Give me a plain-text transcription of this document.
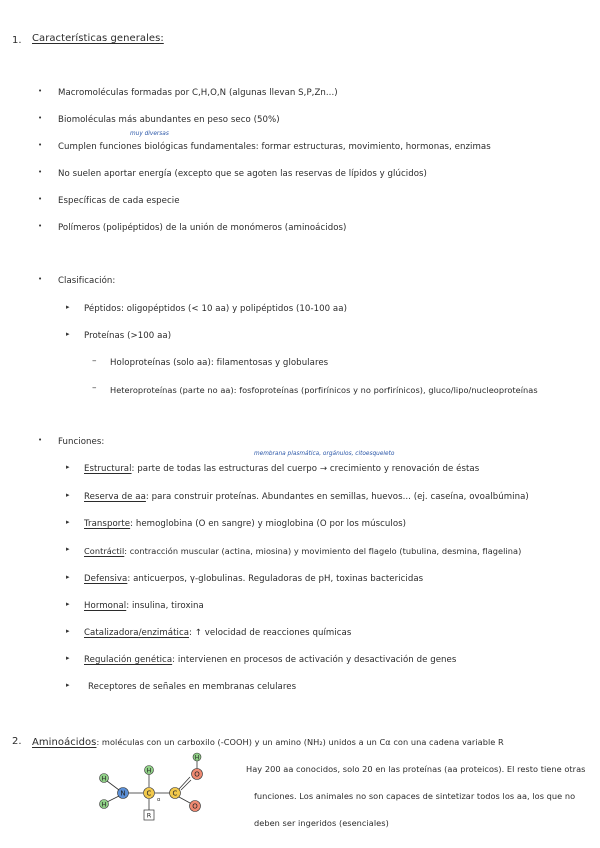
1. Características generales:
• Macromoléculas formadas por C,H,O,N (algunas llevan S,P,Zn...)
• Biomoléculas más abundantes en peso seco (50%)
muy diversas
• Cumplen funciones biológicas fundamentales: formar estructuras, movimiento, hormonas, enzimas
• No suelen aportar energía (excepto que se agoten las reservas de lípidos y glúcidos)
• Específicas de cada especie
• Polímeros (polipéptidos) de la unión de monómeros (aminoácidos)
• Clasificación:
▸ Péptidos: oligopéptidos (< 10 aa) y polipéptidos (10-100 aa)
▸ Proteínas (>100 aa)
– Holoproteínas (solo aa): filamentosas y globulares
– Heteroproteínas (parte no aa): fosfoproteínas (porfirínicos y no porfirínicos), gluco/lipo/nucleoproteínas
• Funciones:
membrana plasmática, orgánulos, citoesqueleto
▸ Estructural: parte de todas las estructuras del cuerpo → crecimiento y renovación de éstas
▸ Reserva de aa: para construir proteínas. Abundantes en semillas, huevos... (ej. caseína, ovoalbúmina)
▸ Transporte: hemoglobina (O en sangre) y mioglobina (O por los músculos)
▸ Contráctil: contracción muscular (actina, miosina) y movimiento del flagelo (tubulina, desmina, flagelina)
▸ Defensiva: anticuerpos, γ-globulinas. Reguladoras de pH, toxinas bactericidas
▸ Hormonal: insulina, tiroxina
▸ Catalizadora/enzimática: ↑ velocidad de reacciones químicas
▸ Regulación genética: intervienen en procesos de activación y desactivación de genes
▸ Receptores de señales en membranas celulares
2. Aminoácidos: moléculas con un carboxilo (-COOH) y un amino (NH₂) unidos a un Cα con una cadena variable R
H
H
N
H
C
α
C
O
O
H
R
Hay 200 aa conocidos, solo 20 en las proteínas (aa proteicos). El resto tiene otras
funciones. Los animales no son capaces de sintetizar todos los aa, los que no
deben ser ingeridos (esenciales)
